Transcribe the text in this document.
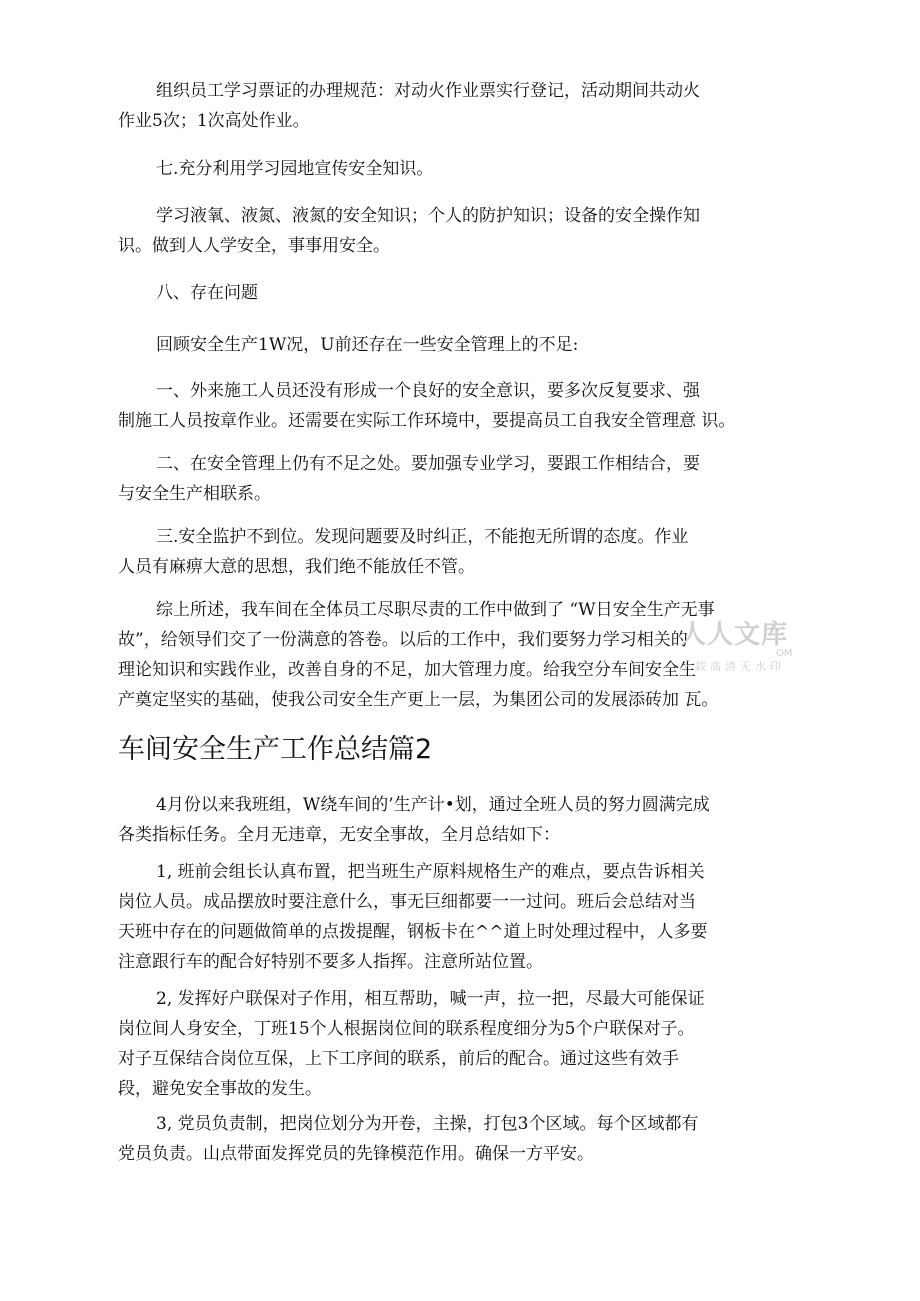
组织员工学习票证的办理规范：对动火作业票实行登记，活动期间共动火
作业5次；1次高处作业。

七.充分利用学习园地宣传安全知识。

学习液氧、液氮、液氮的安全知识；个人的防护知识；设备的安全操作知
识。做到人人学安全，事事用安全。

八、存在问题

回顾安全生产1W况，U前还存在一些安全管理上的不足:

一、外来施工人员还没有形成一个良好的安全意识，要多次反复要求、强
制施工人员按章作业。还需要在实际工作环境中，要提高员工自我安全管理意 识。

二、在安全管理上仍有不足之处。要加强专业学习，要跟工作相结合，要
与安全生产相联系。

三.安全监护不到位。发现问题要及时纠正，不能抱无所谓的态度。作业
人员有麻痹大意的思想，我们绝不能放任不管。

综上所述，我车间在全体员工尽职尽责的工作中做到了 “W日安全生产无事
故”，给领导们交了一份满意的答卷。以后的工作中，我们要努力学习相关的
理论知识和实践作业，改善自身的不足，加大管理力度。给我空分车间安全生
产奠定坚实的基础，使我公司安全生产更上一层，为集团公司的发展添砖加 瓦。

人人文库
OM
下载高清无水印
车间安全生产工作总结篇2

4月份以来我班组，W绕车间的’生产计•划，通过全班人员的努力圆满完成
各类指标任务。全月无违章，无安全事故，全月总结如下：

1, 班前会组长认真布置，把当班生产原料规格生产的难点，要点告诉相关
岗位人员。成品摆放时要注意什么，事无巨细都要一一过问。班后会总结对当
天班中存在的问题做简单的点拨提醒，钢板卡在^^道上时处理过程中，人多要
注意跟行车的配合好特别不要多人指挥。注意所站位置。

2, 发挥好户联保对子作用，相互帮助，喊一声，拉一把，尽最大可能保证
岗位间人身安全，丁班15个人根据岗位间的联系程度细分为5个户联保对子。
对子互保结合岗位互保，上下工序间的联系，前后的配合。通过这些有效手
段，避免安全事故的发生。

3, 党员负责制，把岗位划分为开卷，主操，打包3个区域。每个区域都有
党员负责。山点带面发挥党员的先锋模范作用。确保一方平安。
